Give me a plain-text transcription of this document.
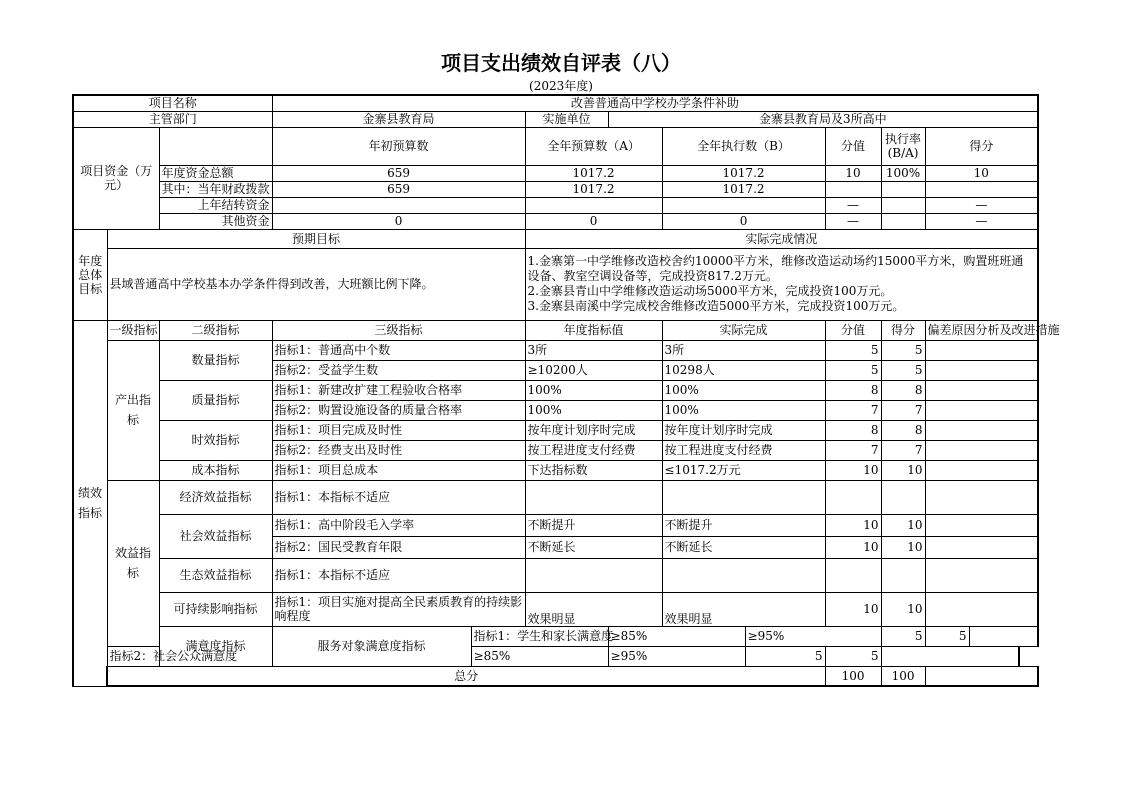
项目支出绩效自评表（八）
(2023年度)
项目名称			改善普通高中学校办学条件补助									
主管部门			金寨县教育局		实施单位	金寨县教育局及3所高中						
项目资金（万元）			年初预算数		全年预算数（A）		全年执行数（B）		分值	执行率(B/A)	得分	
		年度资金总额	659		1017.2		1017.2		10	100%	10	
		其中：当年财政拨款	659		1017.2		1017.2					
		上年结转资金							—		—	
		其他资金	0		0		0		—		—	
年度总体目标	预期目标				实际完成情况							
	县域普通高中学校基本办学条件得到改善，大班额比例下降。				1.金寨第一中学维修改造校舍约10000平方米，维修改造运动场约15000平方米，购置班班通设备、教室空调设备等，完成投资817.2万元。
2.金寨县青山中学维修改造运动场5000平方米，完成投资100万元。
3.金寨县南溪中学完成校舍维修改造5000平方米，完成投资100万元。							
绩效指标	一级指标	二级指标	三级指标		年度指标值		实际完成		分值	得分	偏差原因分析及改进措施	
	产出指标	数量指标	指标1：普通高中个数		3所		3所		5	5		
			指标2：受益学生数		≥10200人		10298人		5	5		
		质量指标	指标1：新建改扩建工程验收合格率		100%		100%		8	8		
			指标2：购置设施设备的质量合格率		100%		100%		7	7		
		时效指标	指标1：项目完成及时性		按年度计划序时完成		按年度计划序时完成		8	8		
			指标2：经费支出及时性		按工程进度支付经费		按工程进度支付经费		7	7		
		成本指标	指标1：项目总成本		下达指标数		≤1017.2万元		10	10		
	效益指标	经济效益指标	指标1：本指标不适应									
		社会效益指标	指标1：高中阶段毛入学率		不断提升		不断提升		10	10		
			指标2：国民受教育年限		不断延长		不断延长		10	10		
		生态效益指标	指标1：本指标不适应									
		可持续影响指标	指标1：项目实施对提高全民素质教育的持续影响程度		效果明显		效果明显		10	10		
		满意度指标	服务对象满意度指标	指标1：学生和家长满意度		≥85%		≥95%		5	5	
	指标2：社会公众满意度			≥85%		≥95%		5	5			
	总分								100	100		
